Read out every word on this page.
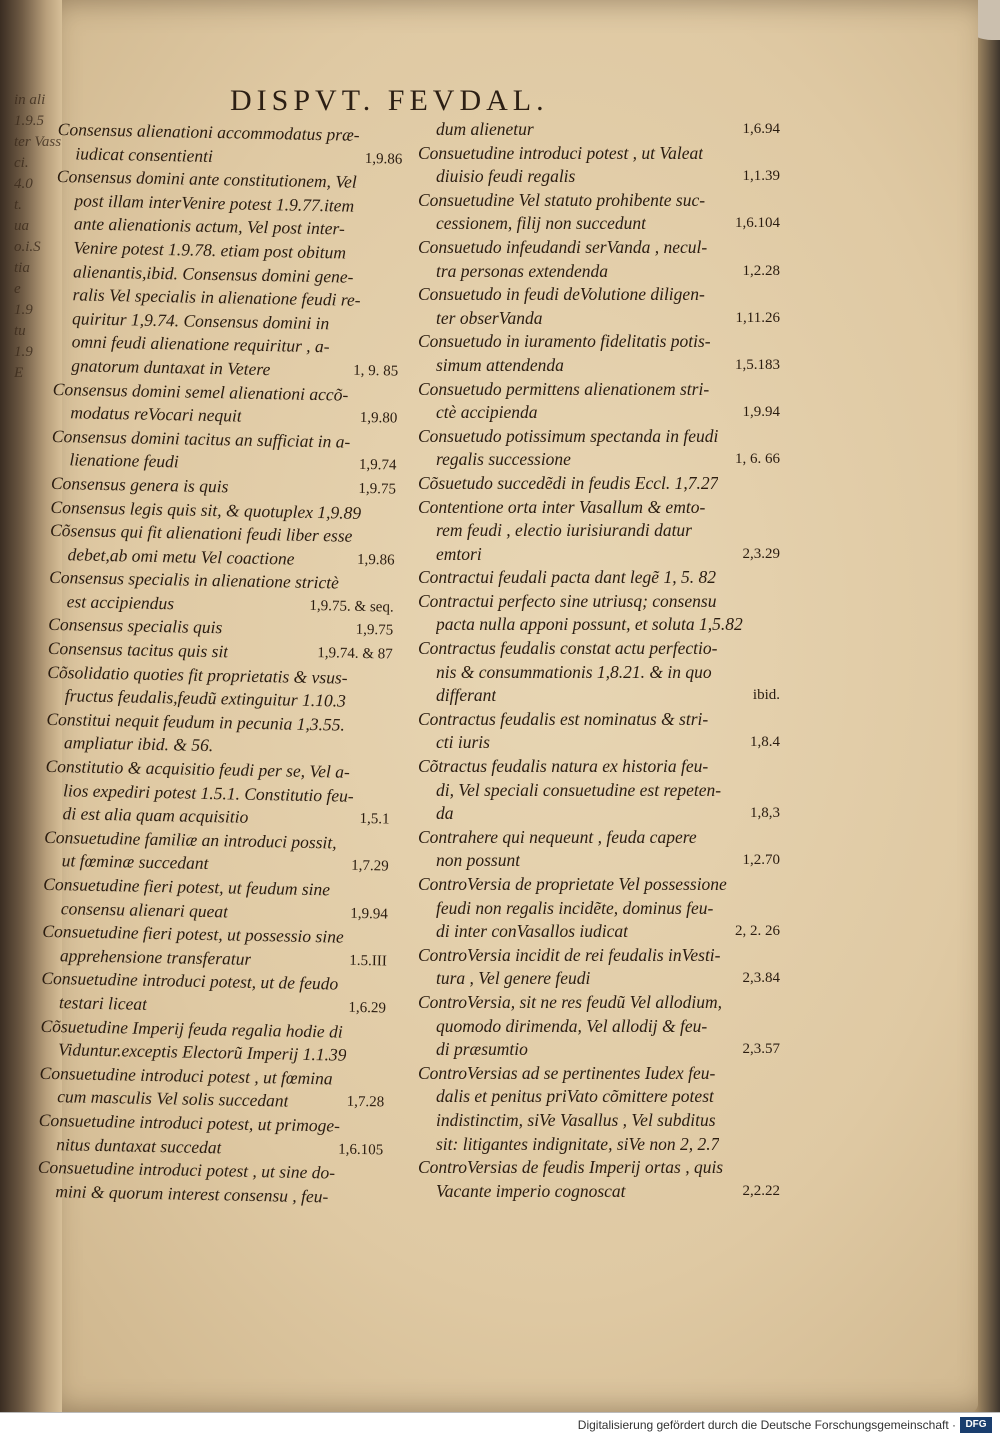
in ali
1.9.5
ter Vass
ci.
4.0
t.
ua
o.i.S
tia
e
1.9
tu
1.9
E
DISPVT. FEVDAL.
Consensus alienationi accommodatus præ-
iudicat consentienti	1,9.86
Consensus domini ante constitutionem, Vel
post illam interVenire potest 1.9.77.item
ante alienationis actum, Vel post inter-
Venire potest 1.9.78. etiam post obitum
alienantis,ibid. Consensus domini gene-
ralis Vel specialis in alienatione feudi re-
quiritur 1,9.74. Consensus domini in
omni feudi alienatione requiritur , a-
gnatorum duntaxat in Vetere	1, 9. 85
Consensus domini semel alienationi accõ-
modatus reVocari nequit	1,9.80
Consensus domini tacitus an sufficiat in a-
lienatione feudi	1,9.74
Consensus genera is quis	1,9.75
Consensus legis quis sit, & quotuplex 1,9.89
Cõsensus qui fit alienationi feudi liber esse
debet,ab omi metu Vel coactione	1,9.86
Consensus specialis in alienatione strictè
est accipiendus	1,9.75. & seq.
Consensus specialis quis	1,9.75
Consensus tacitus quis sit	1,9.74. & 87
Cõsolidatio quoties fit proprietatis & vsus-
fructus feudalis,feudũ extinguitur 1.10.3
Constitui nequit feudum in pecunia 1,3.55.
ampliatur ibid. & 56.
Constitutio & acquisitio feudi per se, Vel a-
lios expediri potest 1.5.1. Constitutio feu-
di est alia quam acquisitio	1,5.1
Consuetudine familiæ an introduci possit,
ut fœminæ succedant	1,7.29
Consuetudine fieri potest, ut feudum sine
consensu alienari queat	1,9.94
Consuetudine fieri potest, ut possessio sine
apprehensione transferatur	1.5.III
Consuetudine introduci potest, ut de feudo
testari liceat	1,6.29
Cõsuetudine Imperij feuda regalia hodie di
Viduntur.exceptis Electorũ Imperij 1.1.39
Consuetudine introduci potest , ut fœmina
cum masculis Vel solis succedant	1,7.28
Consuetudine introduci potest, ut primoge-
nitus duntaxat succedat	1,6.105
Consuetudine introduci potest , ut sine do-
mini & quorum interest consensu , feu-
dum alienetur	1,6.94
Consuetudine introduci potest , ut Valeat
diuisio feudi regalis	1,1.39
Consuetudine Vel statuto prohibente suc-
cessionem, filij non succedunt	1,6.104
Consuetudo infeudandi serVanda , necul-
tra personas extendenda	1,2.28
Consuetudo in feudi deVolutione diligen-
ter obserVanda	1,11.26
Consuetudo in iuramento fidelitatis potis-
simum attendenda	1,5.183
Consuetudo permittens alienationem stri-
ctè accipienda	1,9.94
Consuetudo potissimum spectanda in feudi
regalis successione	1, 6. 66
Cõsuetudo succedẽdi in feudis Eccl. 1,7.27
Contentione orta inter Vasallum & emto-
rem feudi , electio iurisiurandi datur
emtori	2,3.29
Contractui feudali pacta dant legẽ 1, 5. 82
Contractui perfecto sine utriusq; consensu
pacta nulla apponi possunt, et soluta 1,5.82
Contractus feudalis constat actu perfectio-
nis & consummationis 1,8.21. & in quo
differant	ibid.
Contractus feudalis est nominatus & stri-
cti iuris	1,8.4
Cõtractus feudalis natura ex historia feu-
di, Vel speciali consuetudine est repeten-
da	1,8,3
Contrahere qui nequeunt , feuda capere
non possunt	1,2.70
ControVersia de proprietate Vel possessione
feudi non regalis incidẽte, dominus feu-
di inter conVasallos iudicat	2, 2. 26
ControVersia incidit de rei feudalis inVesti-
tura , Vel genere feudi	2,3.84
ControVersia, sit ne res feudũ Vel allodium,
quomodo dirimenda, Vel allodij & feu-
di præsumtio	2,3.57
ControVersias ad se pertinentes Iudex feu-
dalis et penitus priVato cõmittere potest
indistinctim, siVe Vasallus , Vel subditus
sit: litigantes indignitate, siVe non 2, 2.7
ControVersias de feudis Imperij ortas , quis
Vacante imperio cognoscat	2,2.22
Digitalisierung gefördert durch die Deutsche Forschungsgemeinschaft · DFG
